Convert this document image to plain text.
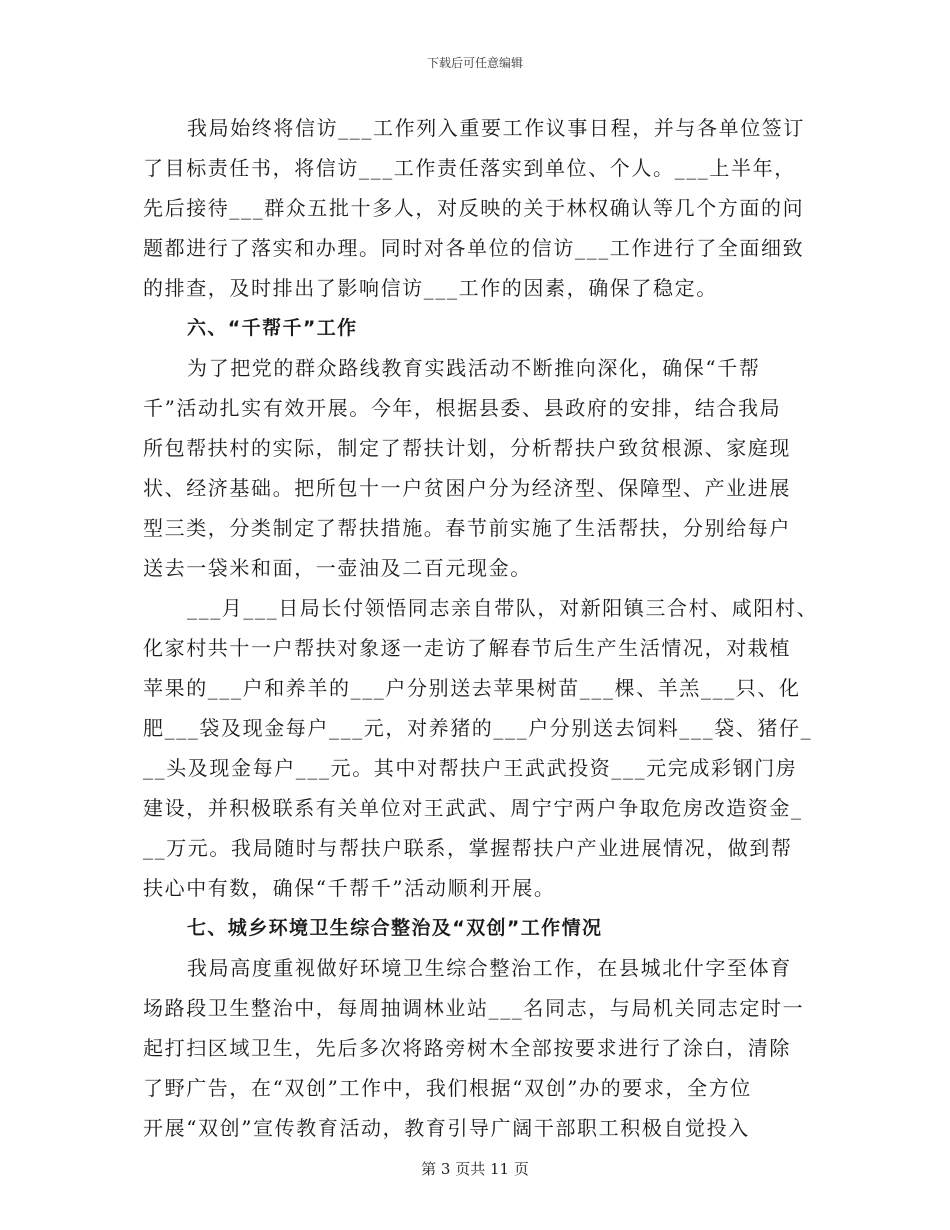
下载后可任意编辑
我局始终将信访___工作列入重要工作议事日程，并与各单位签订
了目标责任书，将信访___工作责任落实到单位、个人。___上半年，
先后接待___群众五批十多人，对反映的关于林权确认等几个方面的问
题都进行了落实和办理。同时对各单位的信访___工作进行了全面细致
的排查，及时排出了影响信访___工作的因素，确保了稳定。
六、“千帮千”工作
为了把党的群众路线教育实践活动不断推向深化，确保“千帮
千”活动扎实有效开展。今年，根据县委、县政府的安排，结合我局
所包帮扶村的实际，制定了帮扶计划，分析帮扶户致贫根源、家庭现
状、经济基础。把所包十一户贫困户分为经济型、保障型、产业进展
型三类，分类制定了帮扶措施。春节前实施了生活帮扶，分别给每户
送去一袋米和面，一壶油及二百元现金。
___月___日局长付领悟同志亲自带队，对新阳镇三合村、咸阳村、
化家村共十一户帮扶对象逐一走访了解春节后生产生活情况，对栽植
苹果的___户和养羊的___户分别送去苹果树苗___棵、羊羔___只、化
肥___袋及现金每户___元，对养猪的___户分别送去饲料___袋、猪仔_
__头及现金每户___元。其中对帮扶户王武武投资___元完成彩钢门房
建设，并积极联系有关单位对王武武、周宁宁两户争取危房改造资金_
__万元。我局随时与帮扶户联系，掌握帮扶户产业进展情况，做到帮
扶心中有数，确保“千帮千”活动顺利开展。
七、城乡环境卫生综合整治及“双创”工作情况
我局高度重视做好环境卫生综合整治工作，在县城北什字至体育
场路段卫生整治中，每周抽调林业站___名同志，与局机关同志定时一
起打扫区域卫生，先后多次将路旁树木全部按要求进行了涂白，清除
了野广告，在“双创”工作中，我们根据“双创”办的要求，全方位
开展“双创”宣传教育活动，教育引导广阔干部职工积极自觉投入
第 3 页共 11 页
